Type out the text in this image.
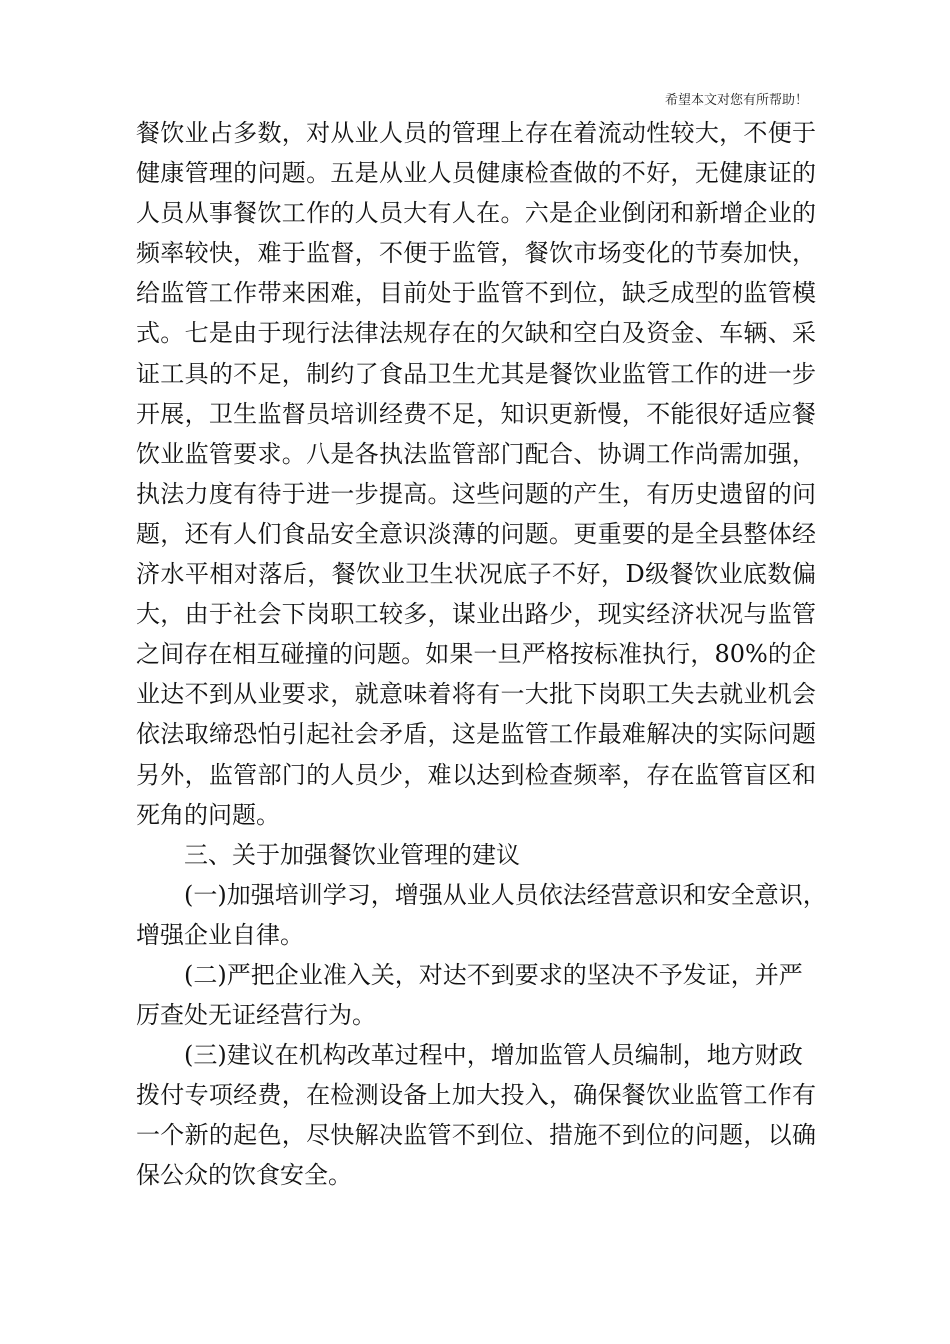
希望本文对您有所帮助！
餐饮业占多数，对从业人员的管理上存在着流动性较大，不便于
健康管理的问题。五是从业人员健康检查做的不好，无健康证的
人员从事餐饮工作的人员大有人在。六是企业倒闭和新增企业的
频率较快，难于监督，不便于监管，餐饮市场变化的节奏加快，
给监管工作带来困难，目前处于监管不到位，缺乏成型的监管模
式。七是由于现行法律法规存在的欠缺和空白及资金、车辆、采
证工具的不足，制约了食品卫生尤其是餐饮业监管工作的进一步
开展，卫生监督员培训经费不足，知识更新慢，不能很好适应餐
饮业监管要求。八是各执法监管部门配合、协调工作尚需加强，
执法力度有待于进一步提高。这些问题的产生，有历史遗留的问
题，还有人们食品安全意识淡薄的问题。更重要的是全县整体经
济水平相对落后，餐饮业卫生状况底子不好，D级餐饮业底数偏
大，由于社会下岗职工较多，谋业出路少，现实经济状况与监管
之间存在相互碰撞的问题。如果一旦严格按标准执行，80%的企
业达不到从业要求，就意味着将有一大批下岗职工失去就业机会
依法取缔恐怕引起社会矛盾，这是监管工作最难解决的实际问题
另外，监管部门的人员少，难以达到检查频率，存在监管盲区和
死角的问题。
三、关于加强餐饮业管理的建议
(一)加强培训学习，增强从业人员依法经营意识和安全意识，
增强企业自律。
(二)严把企业准入关，对达不到要求的坚决不予发证，并严
厉查处无证经营行为。
(三)建议在机构改革过程中，增加监管人员编制，地方财政
拨付专项经费，在检测设备上加大投入，确保餐饮业监管工作有
一个新的起色，尽快解决监管不到位、措施不到位的问题，以确
保公众的饮食安全。
